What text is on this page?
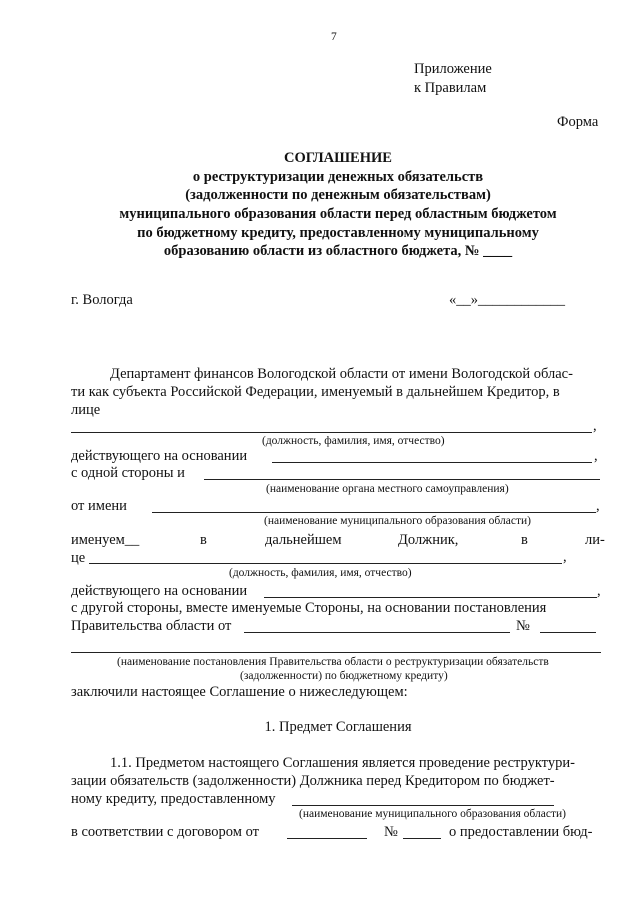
7
Приложение
к Правилам
Форма
СОГЛАШЕНИЕ
о реструктуризации денежных обязательств
(задолженности по денежным обязательствам)
муниципального образования области перед областным бюджетом
по бюджетному кредиту, предоставленному муниципальному
образованию области из областного бюджета, № ____
г. Вологда	«__»____________
Департамент финансов Вологодской области от имени Вологодской облас-
ти как субъекта Российской Федерации, именуемый в дальнейшем Кредитор, в
лице
,
(должность, фамилия, имя, отчество)
действующего на основании	,
с одной стороны и
(наименование органа местного самоуправления)
от имени	,
(наименование муниципального образования области)
именуем__	в	дальнейшем	Должник,	в	ли-
це	,
(должность, фамилия, имя, отчество)
действующего на основании	,
с другой стороны, вместе именуемые Стороны, на основании постановления
Правительства области от	№
(наименование постановления Правительства области о реструктуризации обязательств
(задолженности) по бюджетному кредиту)
заключили настоящее Соглашение о нижеследующем:
1. Предмет Соглашения
1.1. Предметом настоящего Соглашения является проведение реструктури-
зации обязательств (задолженности) Должника перед Кредитором по бюджет-
ному кредиту, предоставленному
(наименование муниципального образования области)
в соответствии с договором от	№	о предоставлении бюд-
